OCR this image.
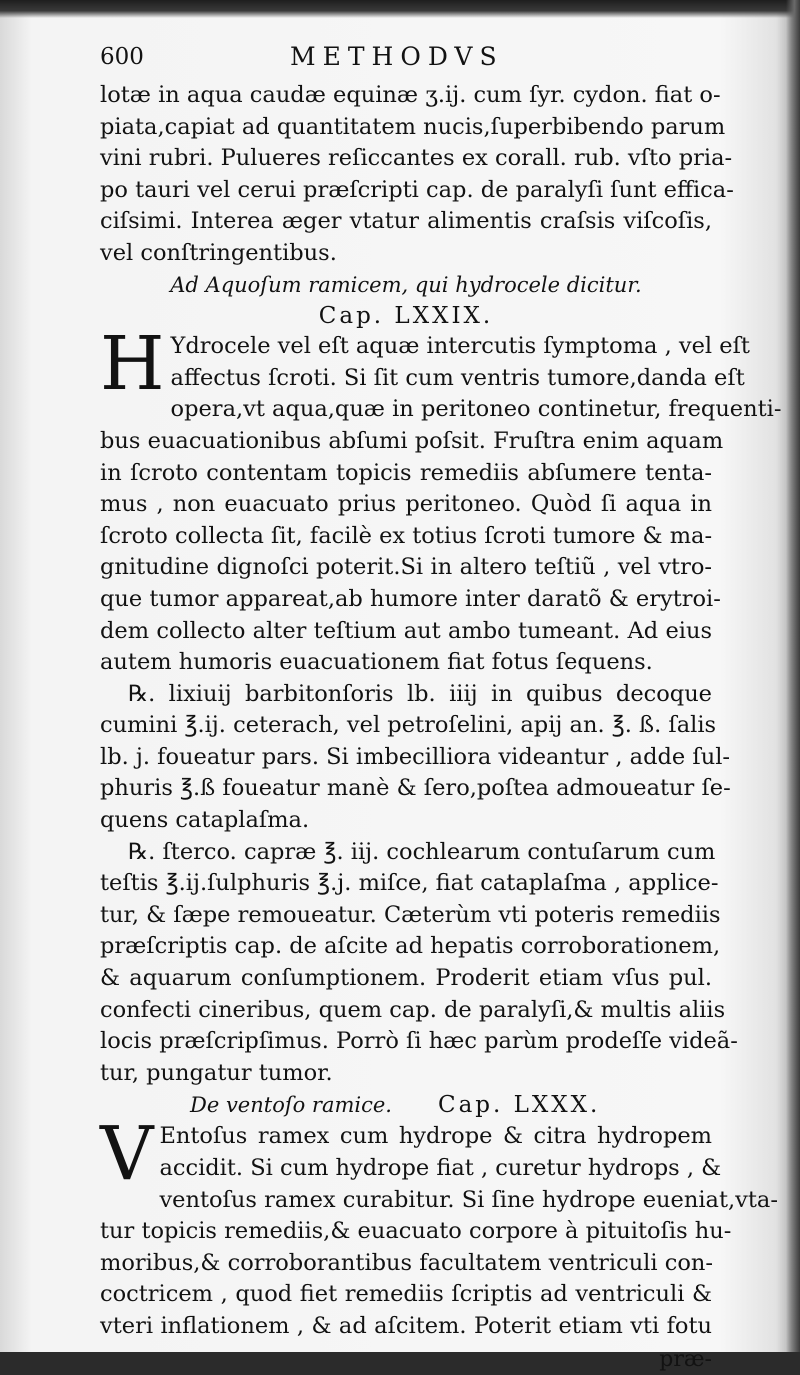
600	METHODVS
lotæ in aqua caudæ equinæ ʒ.ij. cum ſyr. cydon. fiat o-
piata,capiat ad quantitatem nucis,ſuperbibendo parum
vini rubri. Pulueres reſiccantes ex corall. rub. vſto pria-
po tauri vel cerui præſcripti cap. de paralyſi ſunt effica-
ciſsimi. Interea æger vtatur alimentis craſsis viſcoſis,
vel conſtringentibus.
Ad Aquoſum ramicem, qui hydrocele dicitur.
Cap. LXXIX.
H Ydrocele vel eſt aquæ intercutis ſymptoma , vel eſt
affectus ſcroti. Si ſit cum ventris tumore,danda eſt
opera,vt aqua,quæ in peritoneo continetur, frequenti-
bus euacuationibus abſumi poſsit. Fruſtra enim aquam
in ſcroto contentam topicis remediis abſumere tenta-
mus , non euacuato prius peritoneo. Quòd ſi aqua in
ſcroto collecta ſit, facilè ex totius ſcroti tumore & ma-
gnitudine dignoſci poterit.Si in altero teſtiũ , vel vtro-
que tumor appareat,ab humore inter daratõ & erytroi-
dem collecto alter teſtium aut ambo tumeant. Ad eius
autem humoris euacuationem fiat fotus ſequens.
℞. lixiuij barbitonſoris lb. iiij in quibus decoque
cumini ℥.ij. ceterach, vel petroſelini, apij an. ℥. ß. ſalis
lb. j. foueatur pars. Si imbecilliora videantur , adde ſul-
phuris ℥.ß foueatur manè & ſero,poſtea admoueatur ſe-
quens cataplaſma.
℞. ſterco. capræ ℥. iij. cochlearum contuſarum cum
teſtis ℥.ij.ſulphuris ℥.j. miſce, fiat cataplaſma , applice-
tur, & ſæpe remoueatur. Cæterùm vti poteris remediis
præſcriptis cap. de aſcite ad hepatis corroborationem,
& aquarum conſumptionem. Proderit etiam vſus pul.
confecti cineribus, quem cap. de paralyſi,& multis aliis
locis præſcripſimus. Porrò ſi hæc parùm prodeſſe videã-
tur, pungatur tumor.
De ventoſo ramice. Cap. LXXX.
V Entoſus ramex cum hydrope & citra hydropem
accidit. Si cum hydrope fiat , curetur hydrops , &
ventoſus ramex curabitur. Si ſine hydrope eueniat,vta-
tur topicis remediis,& euacuato corpore à pituitoſis hu-
moribus,& corroborantibus facultatem ventriculi con-
coctricem , quod fiet remediis ſcriptis ad ventriculi &
vteri inflationem , & ad aſcitem. Poterit etiam vti fotu
præ-
